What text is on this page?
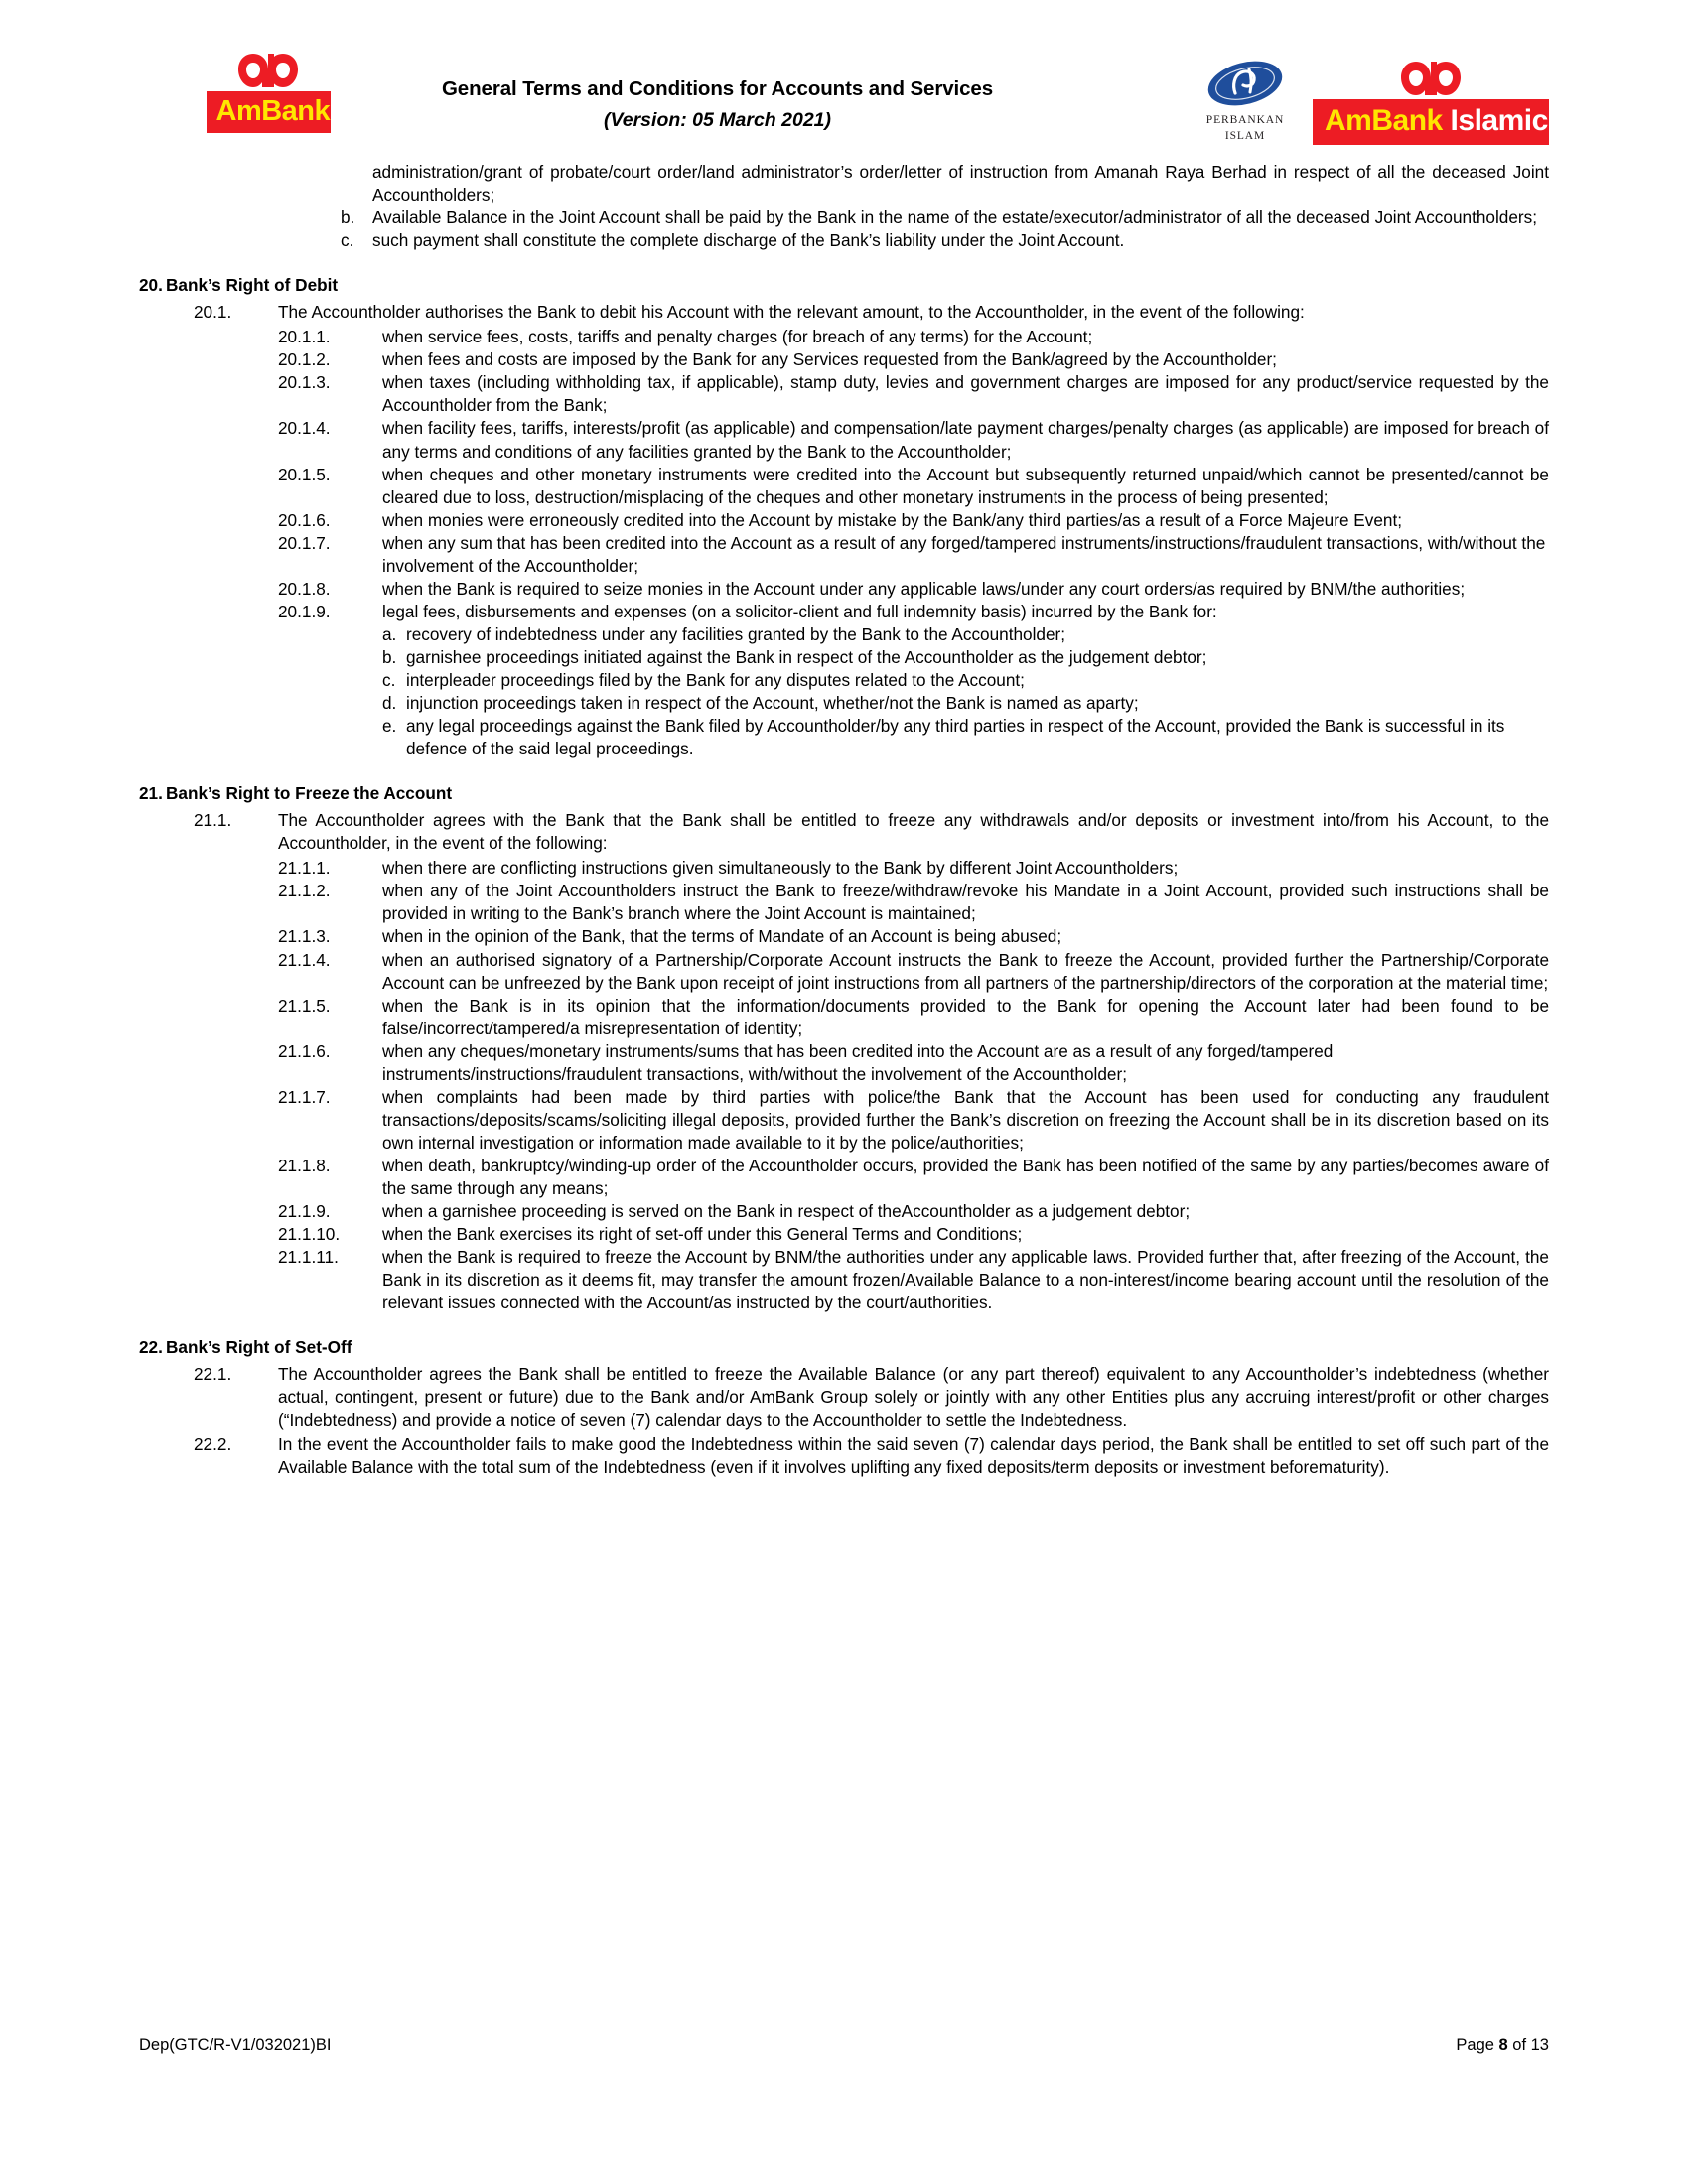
AmBank
General Terms and Conditions for Accounts and Services
(Version: 05 March 2021)	PERBANKAN
ISLAM	AmBank Islamic
administration/grant of probate/court order/land administrator’s order/letter of instruction from Amanah Raya Berhad in respect of all the deceased Joint Accountholders;
b.	Available Balance in the Joint Account shall be paid by the Bank in the name of the estate/executor/administrator of all the deceased Joint Accountholders;
c.	such payment shall constitute the complete discharge of the Bank’s liability under the Joint Account.
20. Bank’s Right of Debit
20.1.	The Accountholder authorises the Bank to debit his Account with the relevant amount, to the Accountholder, in the event of the following:
20.1.1.	when service fees, costs, tariffs and penalty charges (for breach of any terms) for the Account;
20.1.2.	when fees and costs are imposed by the Bank for any Services requested from the Bank/agreed by the Accountholder;
20.1.3.	when taxes (including withholding tax, if applicable), stamp duty, levies and government charges are imposed for any product/service requested by the Accountholder from the Bank;
20.1.4.	when facility fees, tariffs, interests/profit (as applicable) and compensation/late payment charges/penalty charges (as applicable) are imposed for breach of any terms and conditions of any facilities granted by the Bank to the Accountholder;
20.1.5.	when cheques and other monetary instruments were credited into the Account but subsequently returned unpaid/which cannot be presented/cannot be cleared due to loss, destruction/misplacing of the cheques and other monetary instruments in the process of being presented;
20.1.6.	when monies were erroneously credited into the Account by mistake by the Bank/any third parties/as a result of a Force Majeure Event;
20.1.7.	when any sum that has been credited into the Account as a result of any forged/tampered instruments/instructions/fraudulent transactions, with/without the involvement of the Accountholder;
20.1.8.	when the Bank is required to seize monies in the Account under any applicable laws/under any court orders/as required by BNM/the authorities;
20.1.9.	legal fees, disbursements and expenses (on a solicitor-client and full indemnity basis) incurred by the Bank for:
a. recovery of indebtedness under any facilities granted by the Bank to the Accountholder;
b. garnishee proceedings initiated against the Bank in respect of the Accountholder as the judgement debtor;
c. interpleader proceedings filed by the Bank for any disputes related to the Account;
d. injunction proceedings taken in respect of the Account, whether/not the Bank is named as aparty;
e. any legal proceedings against the Bank filed by Accountholder/by any third parties in respect of the Account, provided the Bank is successful in its defence of the said legal proceedings.
21. Bank’s Right to Freeze the Account
21.1.	The Accountholder agrees with the Bank that the Bank shall be entitled to freeze any withdrawals and/or deposits or investment into/from his Account, to the Accountholder, in the event of the following:
21.1.1.	when there are conflicting instructions given simultaneously to the Bank by different Joint Accountholders;
21.1.2.	when any of the Joint Accountholders instruct the Bank to freeze/withdraw/revoke his Mandate in a Joint Account, provided such instructions shall be provided in writing to the Bank’s branch where the Joint Account is maintained;
21.1.3.	when in the opinion of the Bank, that the terms of Mandate of an Account is being abused;
21.1.4.	when an authorised signatory of a Partnership/Corporate Account instructs the Bank to freeze the Account, provided further the Partnership/Corporate Account can be unfreezed by the Bank upon receipt of joint instructions from all partners of the partnership/directors of the corporation at the material time;
21.1.5.	when the Bank is in its opinion that the information/documents provided to the Bank for opening the Account later had been found to be false/incorrect/tampered/a misrepresentation of identity;
21.1.6.	when any cheques/monetary instruments/sums that has been credited into the Account are as a result of any forged/tampered instruments/instructions/fraudulent transactions, with/without the involvement of the Accountholder;
21.1.7.	when complaints had been made by third parties with police/the Bank that the Account has been used for conducting any fraudulent transactions/deposits/scams/soliciting illegal deposits, provided further the Bank’s discretion on freezing the Account shall be in its discretion based on its own internal investigation or information made available to it by the police/authorities;
21.1.8.	when death, bankruptcy/winding-up order of the Accountholder occurs, provided the Bank has been notified of the same by any parties/becomes aware of the same through any means;
21.1.9.	when a garnishee proceeding is served on the Bank in respect of theAccountholder as a judgement debtor;
21.1.10.	when the Bank exercises its right of set-off under this General Terms and Conditions;
21.1.11.	when the Bank is required to freeze the Account by BNM/the authorities under any applicable laws. Provided further that, after freezing of the Account, the Bank in its discretion as it deems fit, may transfer the amount frozen/Available Balance to a non-interest/income bearing account until the resolution of the relevant issues connected with the Account/as instructed by the court/authorities.
22. Bank’s Right of Set-Off
22.1.	The Accountholder agrees the Bank shall be entitled to freeze the Available Balance (or any part thereof) equivalent to any Accountholder’s indebtedness (whether actual, contingent, present or future) due to the Bank and/or AmBank Group solely or jointly with any other Entities plus any accruing interest/profit or other charges (“Indebtedness) and provide a notice of seven (7) calendar days to the Accountholder to settle the Indebtedness.
22.2.	In the event the Accountholder fails to make good the Indebtedness within the said seven (7) calendar days period, the Bank shall be entitled to set off such part of the Available Balance with the total sum of the Indebtedness (even if it involves uplifting any fixed deposits/term deposits or investment beforematurity).
Dep(GTC/R-V1/032021)BI	Page 8 of 13
